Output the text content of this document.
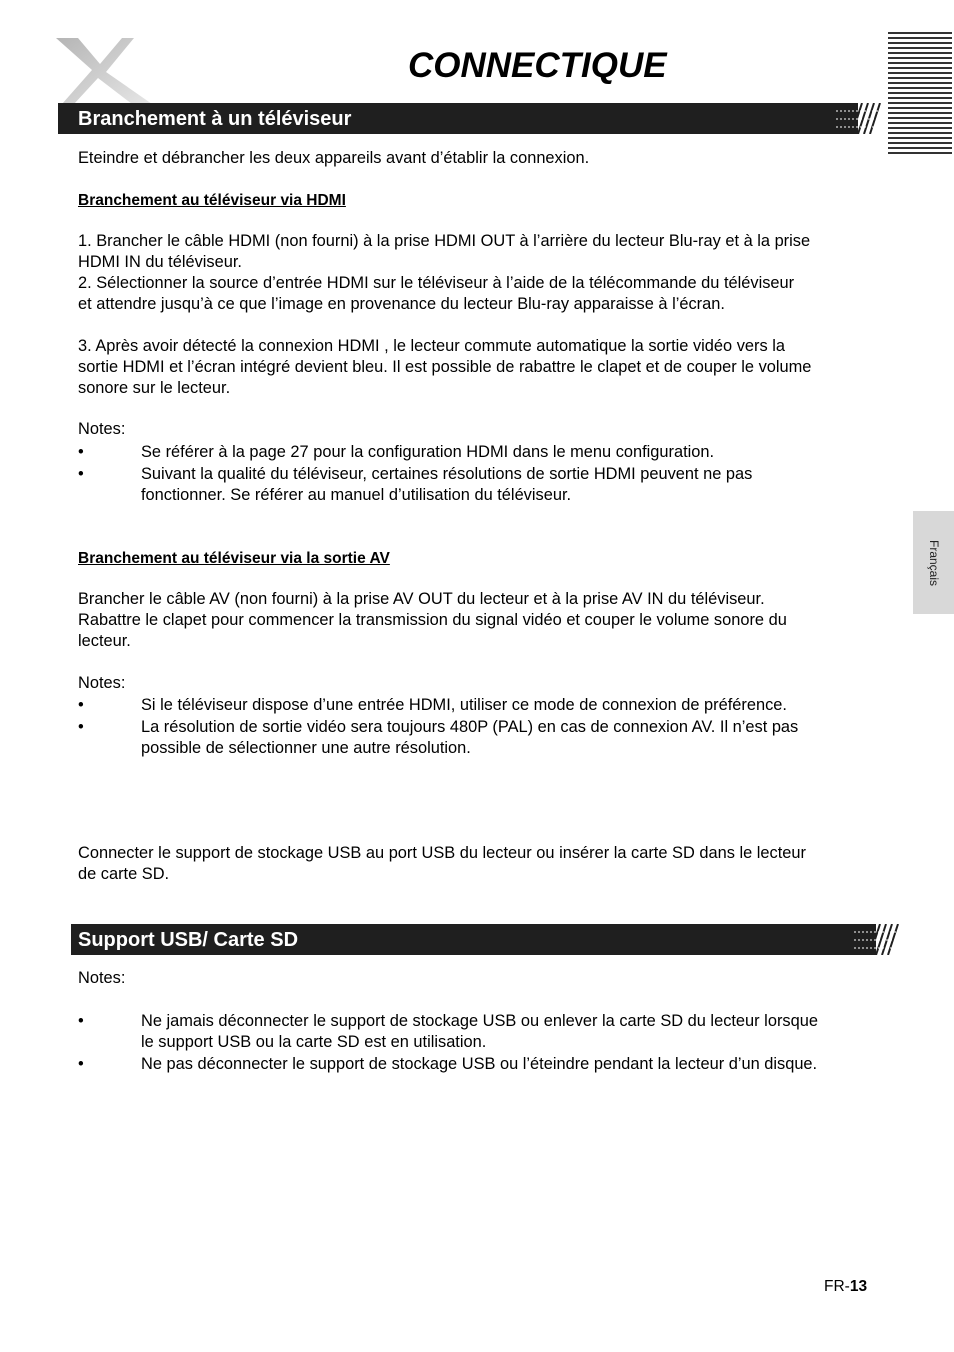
CONNECTIQUE
Français
Branchement à un téléviseur

Eteindre et débrancher les deux appareils avant d’établir la connexion.

Branchement au téléviseur via HDMI

1. Brancher le câble HDMI (non fourni) à la prise HDMI OUT à l’arrière du lecteur Blu-ray et à la prise
HDMI IN du téléviseur.
2. Sélectionner la source d’entrée HDMI sur le téléviseur à l’aide de la télécommande du téléviseur
et attendre jusqu’à ce que l’image en provenance du lecteur Blu-ray apparaisse à l’écran.
3. Après avoir détecté la connexion HDMI , le lecteur commute automatique la sortie vidéo vers la
sortie HDMI et l’écran intégré devient bleu. Il est possible de rabattre le clapet et de couper le volume
sonore sur le lecteur.

Notes:

•	Se référer à la page 27 pour la configuration HDMI dans le menu configuration.
•	Suivant la qualité du téléviseur, certaines résolutions de sortie HDMI peuvent ne pas
fonctionner. Se référer au manuel d’utilisation du téléviseur.

Branchement au téléviseur via la sortie AV

Brancher le câble AV (non fourni) à la prise AV OUT du lecteur et à la prise AV IN du téléviseur.
Rabattre le clapet pour commencer la transmission du signal vidéo et couper le volume sonore du
lecteur.

Notes:

•	Si le téléviseur dispose d’une entrée HDMI, utiliser ce mode de connexion de préférence.
•	La résolution de sortie vidéo sera toujours 480P (PAL) en cas de connexion AV. Il n’est pas
possible de sélectionner une autre résolution.
Connecter le support de stockage USB au port USB du lecteur ou insérer la carte SD dans le lecteur
de carte SD.
Support USB/ Carte SD

Notes:

•	Ne jamais déconnecter le support de stockage USB ou enlever la carte SD du lecteur lorsque
le support USB ou la carte SD est en utilisation.
•	Ne pas déconnecter le support de stockage USB ou l’éteindre pendant la lecteur d’un disque.
FR-13
